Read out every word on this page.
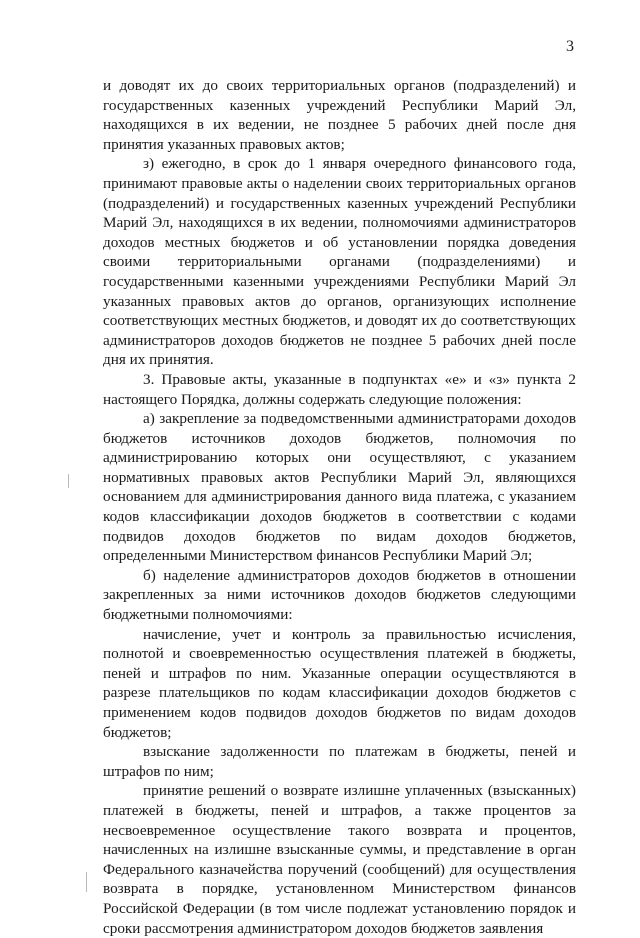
3

и доводят их до своих территориальных органов (подразделений) и государственных казенных учреждений Республики Марий Эл, находящихся в их ведении, не позднее 5 рабочих дней после дня принятия указанных правовых актов;

з) ежегодно, в срок до 1 января очередного финансового года, принимают правовые акты о наделении своих территориальных органов (подразделений) и государственных казенных учреждений Республики Марий Эл, находящихся в их ведении, полномочиями администраторов доходов местных бюджетов и об установлении порядка доведения своими территориальными органами (подразделениями) и государственными казенными учреждениями Республики Марий Эл указанных правовых актов до органов, организующих исполнение соответствующих местных бюджетов, и доводят их до соответствующих администраторов доходов бюджетов не позднее 5 рабочих дней после дня их принятия.

3. Правовые акты, указанные в подпунктах «е» и «з» пункта 2 настоящего Порядка, должны содержать следующие положения:

а) закрепление за подведомственными администраторами доходов бюджетов источников доходов бюджетов, полномочия по администрированию которых они осуществляют, с указанием нормативных правовых актов Республики Марий Эл, являющихся основанием для администрирования данного вида платежа, с указанием кодов классификации доходов бюджетов в соответствии с кодами подвидов доходов бюджетов по видам доходов бюджетов, определенными Министерством финансов Республики Марий Эл;

б) наделение администраторов доходов бюджетов в отношении закрепленных за ними источников доходов бюджетов следующими бюджетными полномочиями:

начисление, учет и контроль за правильностью исчисления, полнотой и своевременностью осуществления платежей в бюджеты, пеней и штрафов по ним. Указанные операции осуществляются в разрезе плательщиков по кодам классификации доходов бюджетов с применением кодов подвидов доходов бюджетов по видам доходов бюджетов;

взыскание задолженности по платежам в бюджеты, пеней и штрафов по ним;

принятие решений о возврате излишне уплаченных (взысканных) платежей в бюджеты, пеней и штрафов, а также процентов за несвоевременное осуществление такого возврата и процентов, начисленных на излишне взысканные суммы, и представление в орган Федерального казначейства поручений (сообщений) для осуществления возврата в порядке, установленном Министерством финансов Российской Федерации (в том числе подлежат установлению порядок и сроки рассмотрения администратором доходов бюджетов заявления
